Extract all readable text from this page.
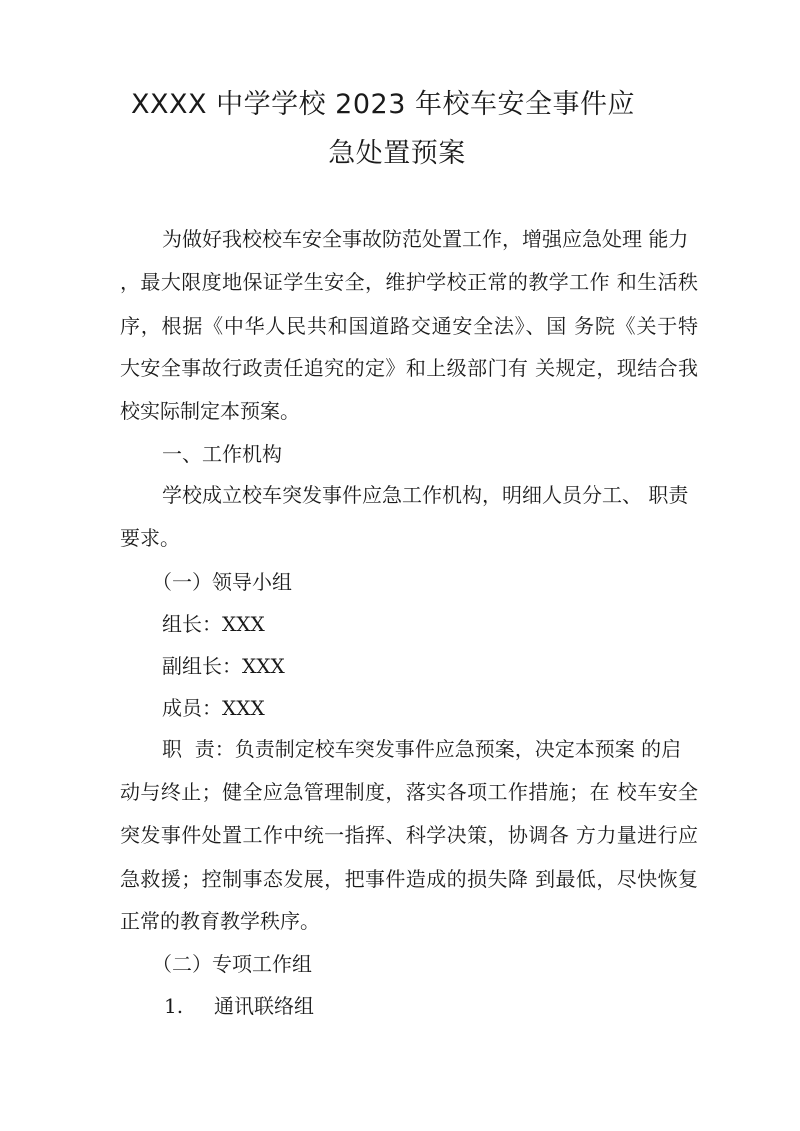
XXXX 中学学校 2023 年校车安全事件应
急处置预案
为做好我校校车安全事故防范处置工作，增强应急处理 能力
，最大限度地保证学生安全，维护学校正常的教学工作 和生活秩
序，根据《中华人民共和国道路交通安全法》、国 务院《关于特
大安全事故行政责任追究的定》和上级部门有 关规定，现结合我
校实际制定本预案。
一、工作机构
学校成立校车突发事件应急工作机构，明细人员分工、 职责
要求。
（一）领导小组
组长：XXX
副组长：XXX
成员：XXX
职  责：负责制定校车突发事件应急预案，决定本预案 的启
动与终止；健全应急管理制度，落实各项工作措施；在 校车安全
突发事件处置工作中统一指挥、科学决策，协调各 方力量进行应
急救援；控制事态发展，把事件造成的损失降 到最低，尽快恢复
正常的教育教学秩序。
（二）专项工作组
1. 通讯联络组
